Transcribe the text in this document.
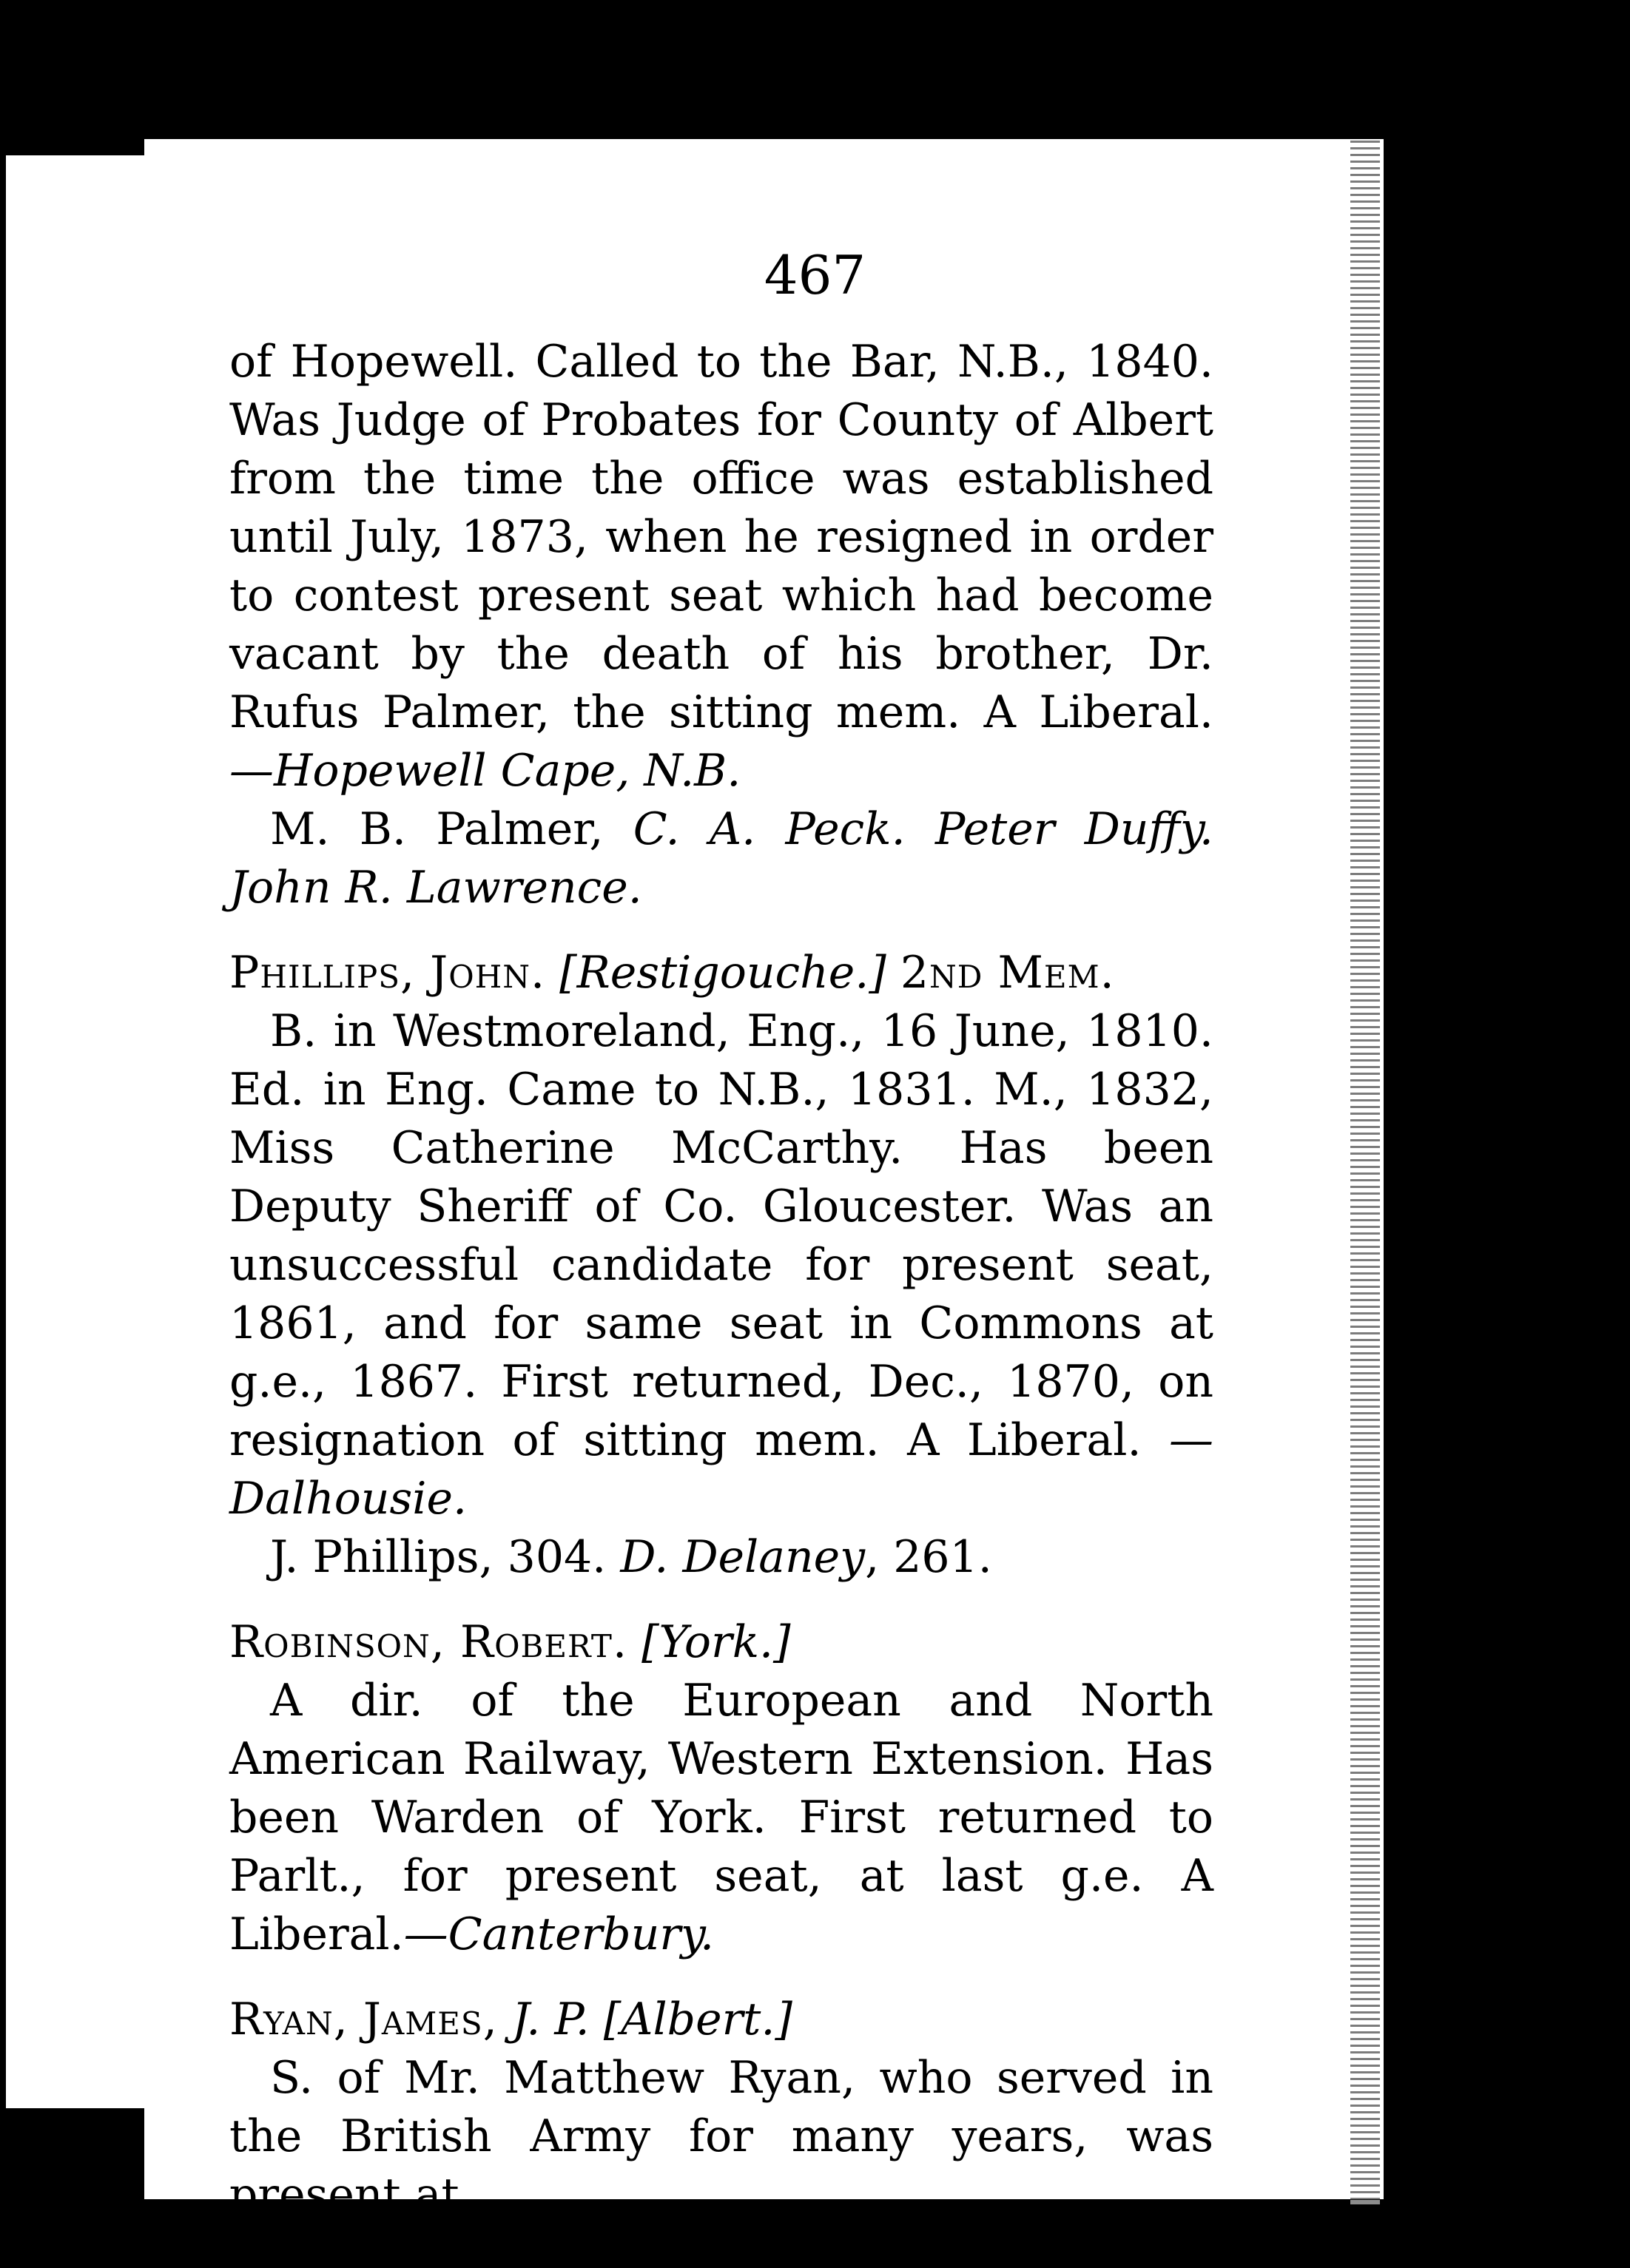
467

of Hopewell. Called to the Bar, N.B., 1840. Was Judge of Probates for County of Albert from the time the office was established until July, 1873, when he resigned in order to contest present seat which had become vacant by the death of his brother, Dr. Rufus Palmer, the sitting mem. A Liberal. —Hopewell Cape, N.B.

M. B. Palmer, C. A. Peck. Peter Duffy. John R. Lawrence.

Phillips, John. [Restigouche.] 2nd Mem.

B. in Westmoreland, Eng., 16 June, 1810. Ed. in Eng. Came to N.B., 1831. M., 1832, Miss Catherine McCarthy. Has been Deputy Sheriff of Co. Gloucester. Was an unsuccessful candidate for present seat, 1861, and for same seat in Commons at g.e., 1867. First returned, Dec., 1870, on resignation of sitting mem. A Liberal. —Dalhousie.

J. Phillips, 304. D. Delaney, 261.

Robinson, Robert. [York.]

A dir. of the European and North American Railway, Western Extension. Has been Warden of York. First returned to Parlt., for present seat, at last g.e. A Liberal.—Canterbury.

Ryan, James, J. P. [Albert.]

S. of Mr. Matthew Ryan, who served in the British Army for many years, was present at
